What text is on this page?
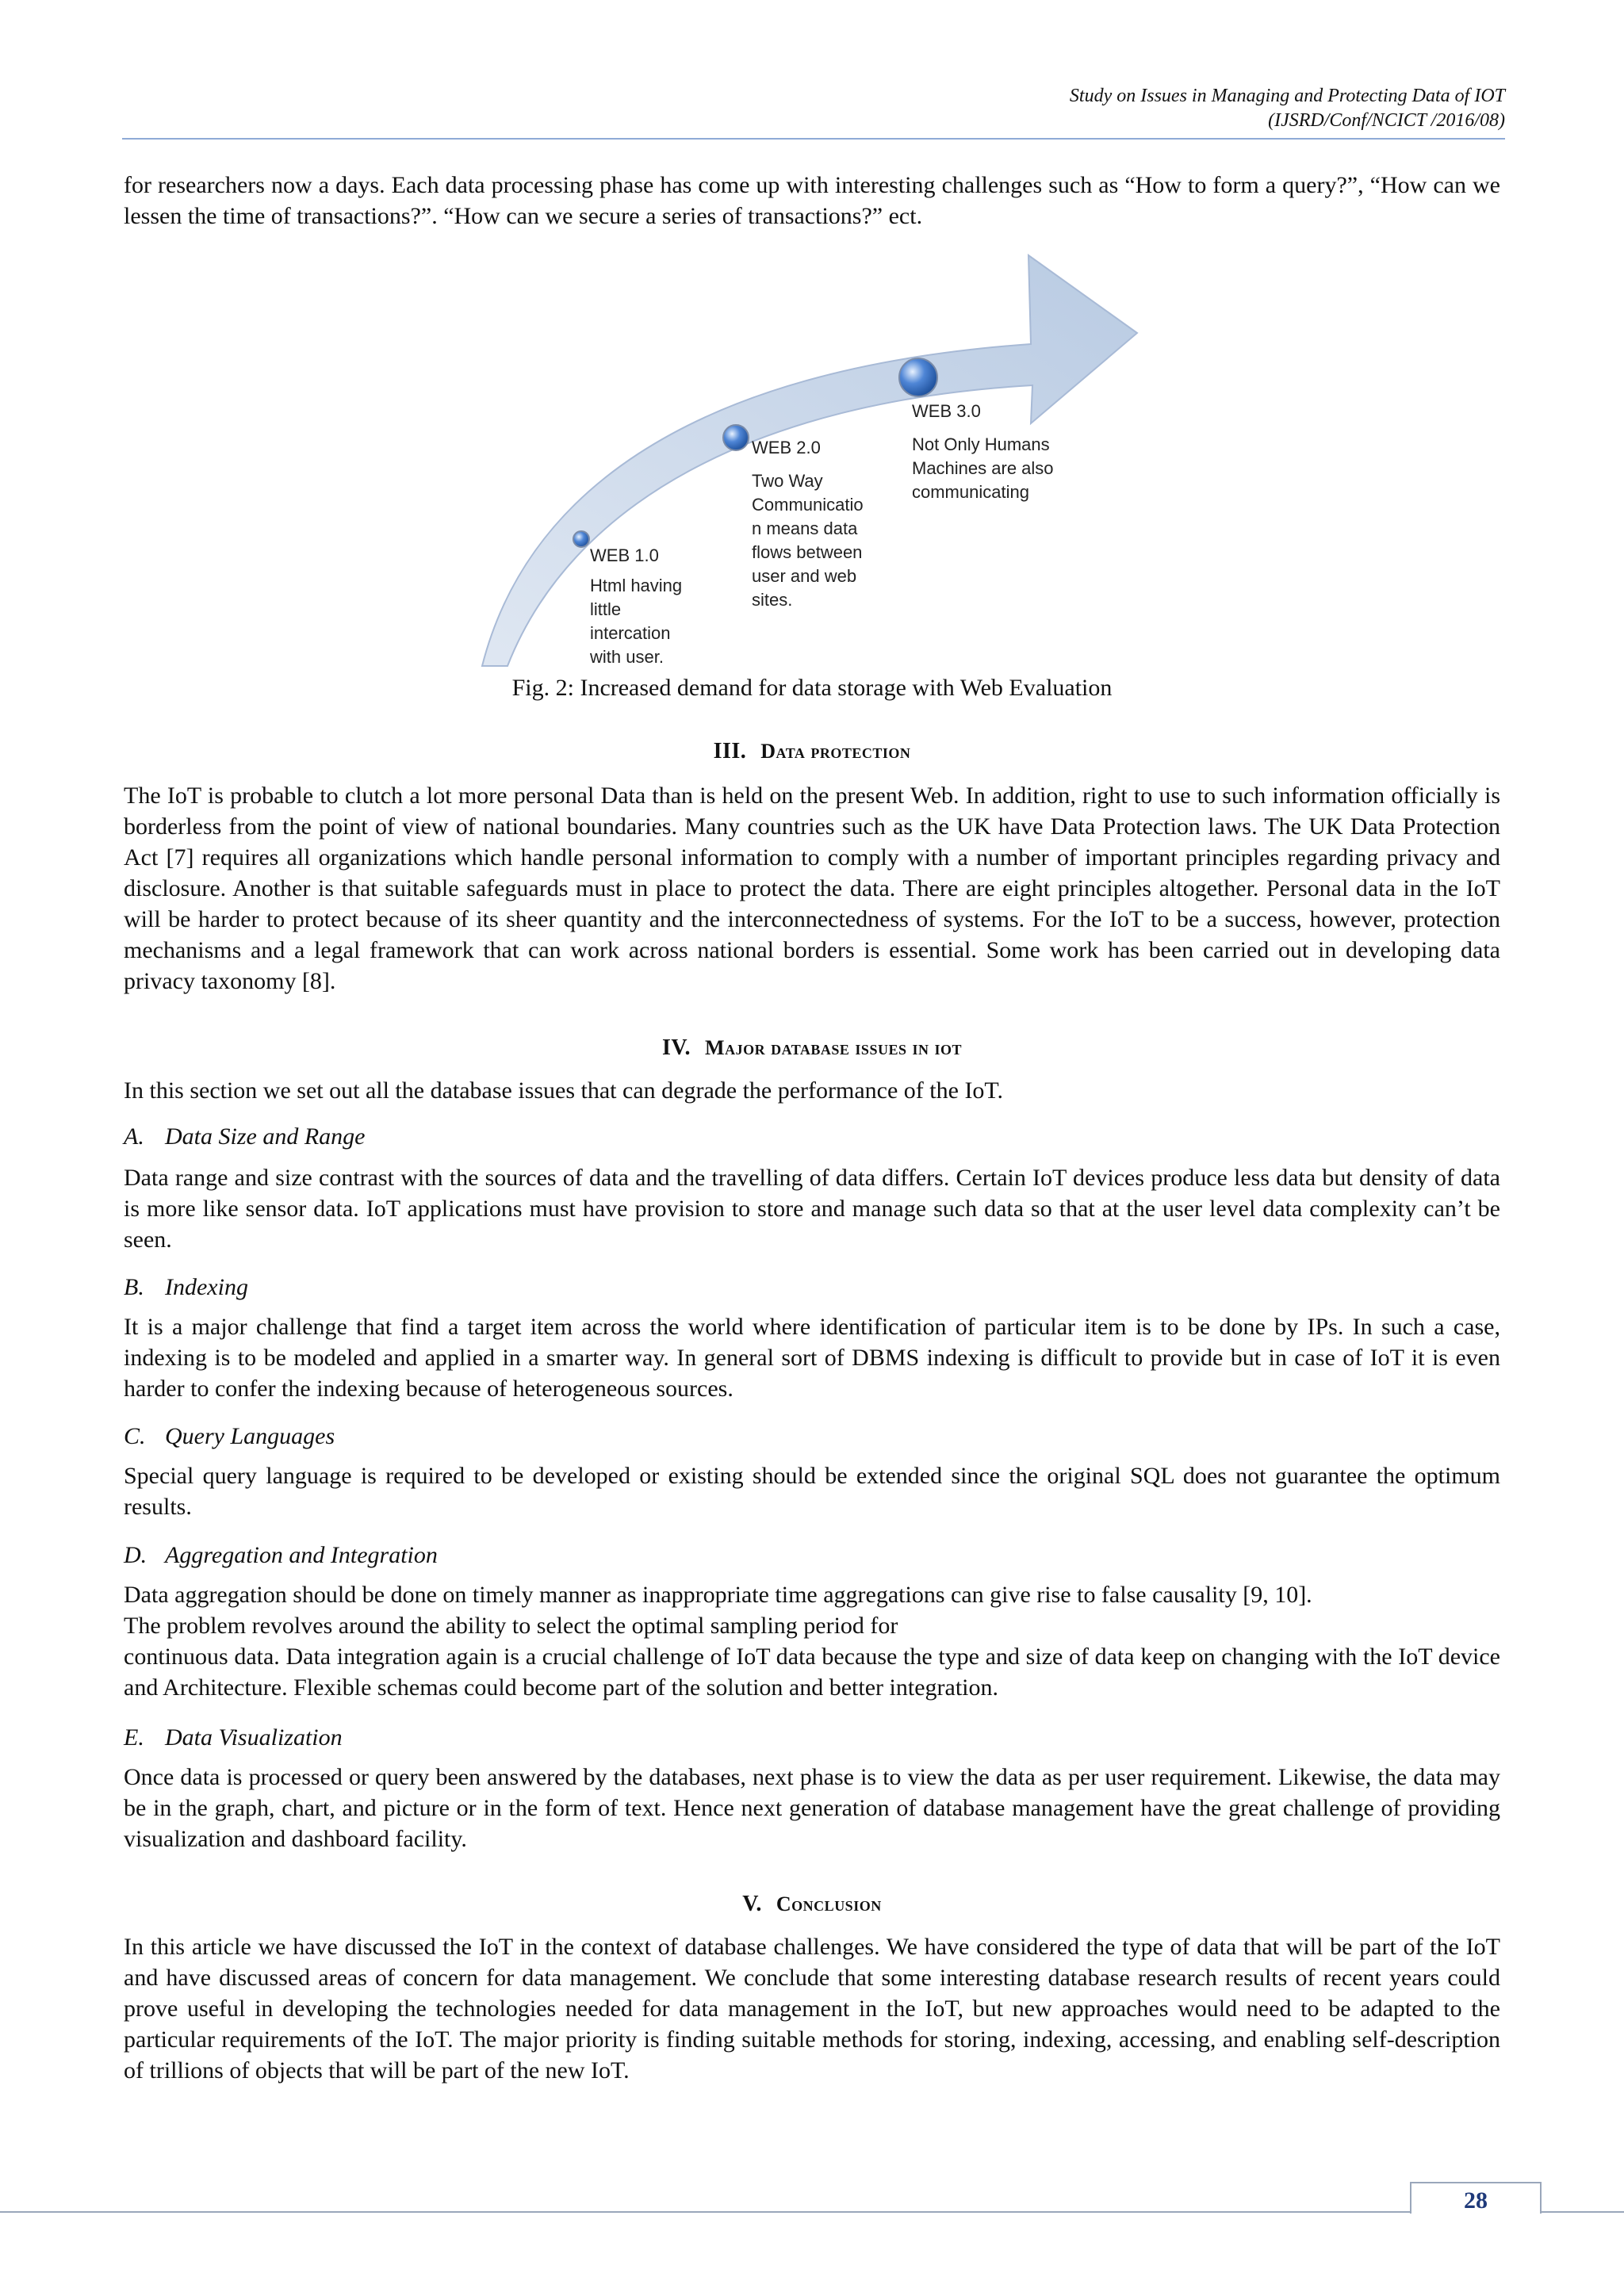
Study on Issues in Managing and Protecting Data of IOT
(IJSRD/Conf/NCICT /2016/08)

for researchers now a days. Each data processing phase has come up with interesting challenges such as “How to form a query?”, “How can we lessen the time of transactions?”. “How can we secure a series of transactions?” ect.

WEB 1.0
Html having
little
intercation
with user.
WEB 2.0
Two Way
Communicatio
n means data
flows between
user and web
sites.
WEB 3.0
Not Only Humans
Machines are also
communicating
Fig. 2: Increased demand for data storage with Web Evaluation
III. Data protection

The IoT is probable to clutch a lot more personal Data than is held on the present Web. In addition, right to use to such information officially is borderless from the point of view of national boundaries. Many countries such as the UK have Data Protection laws. The UK Data Protection Act [7] requires all organizations which handle personal information to comply with a number of important principles regarding privacy and disclosure. Another is that suitable safeguards must in place to protect the data. There are eight principles altogether. Personal data in the IoT will be harder to protect because of its sheer quantity and the interconnectedness of systems. For the IoT to be a success, however, protection mechanisms and a legal framework that can work across national borders is essential. Some work has been carried out in developing data privacy taxonomy [8].

IV. Major database issues in iot

In this section we set out all the database issues that can degrade the performance of the IoT.

A. Data Size and Range

Data range and size contrast with the sources of data and the travelling of data differs. Certain IoT devices produce less data but density of data is more like sensor data. IoT applications must have provision to store and manage such data so that at the user level data complexity can’t be seen.

B. Indexing

It is a major challenge that find a target item across the world where identification of particular item is to be done by IPs. In such a case, indexing is to be modeled and applied in a smarter way. In general sort of DBMS indexing is difficult to provide but in case of IoT it is even harder to confer the indexing because of heterogeneous sources.

C. Query Languages

Special query language is required to be developed or existing should be extended since the original SQL does not guarantee the optimum results.

D. Aggregation and Integration

Data aggregation should be done on timely manner as inappropriate time aggregations can give rise to false causality [9, 10].

The problem revolves around the ability to select the optimal sampling period for

continuous data. Data integration again is a crucial challenge of IoT data because the type and size of data keep on changing with the IoT device and Architecture. Flexible schemas could become part of the solution and better integration.

E. Data Visualization

Once data is processed or query been answered by the databases, next phase is to view the data as per user requirement. Likewise, the data may be in the graph, chart, and picture or in the form of text. Hence next generation of database management have the great challenge of providing visualization and dashboard facility.

V. Conclusion

In this article we have discussed the IoT in the context of database challenges. We have considered the type of data that will be part of the IoT and have discussed areas of concern for data management. We conclude that some interesting database research results of recent years could prove useful in developing the technologies needed for data management in the IoT, but new approaches would need to be adapted to the particular requirements of the IoT. The major priority is finding suitable methods for storing, indexing, accessing, and enabling self-description of trillions of objects that will be part of the new IoT.

28
